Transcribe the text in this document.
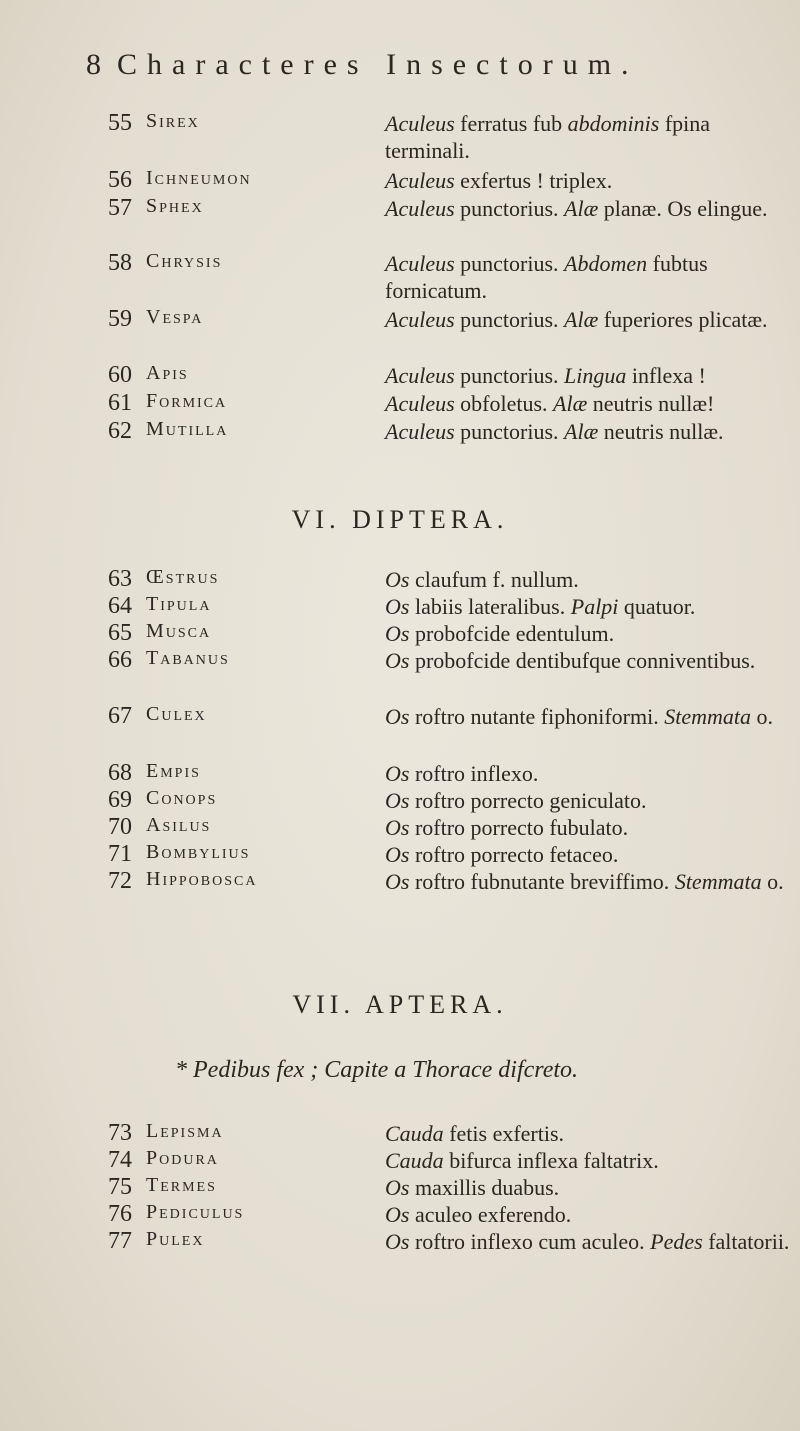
8 Characteres Insectorum.
55 Sirex	Aculeus ferratus fub abdominis fpina terminali.
56 Ichneumon	Aculeus exfertus ! triplex.
57 Sphex	Aculeus punctorius. Alæ planæ. Os elingue.
58 Chrysis	Aculeus punctorius. Abdomen fubtus fornicatum.
59 Vespa	Aculeus punctorius. Alæ fuperiores plicatæ.
60 Apis	Aculeus punctorius. Lingua inflexa !
61 Formica	Aculeus obfoletus. Alæ neutris nullæ!
62 Mutilla	Aculeus punctorius. Alæ neutris nullæ.
VI. DIPTERA.
63 Œstrus	Os claufum f. nullum.
64 Tipula	Os labiis lateralibus. Palpi quatuor.
65 Musca	Os probofcide edentulum.
66 Tabanus	Os probofcide dentibufque conniventibus.
67 Culex	Os roftro nutante fiphoniformi. Stemmata o.
68 Empis	Os roftro inflexo.
69 Conops	Os roftro porrecto geniculato.
70 Asilus	Os roftro porrecto fubulato.
71 Bombylius	Os roftro porrecto fetaceo.
72 Hippobosca	Os roftro fubnutante breviffimo. Stemmata o.
VII. APTERA.
* Pedibus fex ; Capite a Thorace difcreto.
73 Lepisma	Cauda fetis exfertis.
74 Podura	Cauda bifurca inflexa faltatrix.
75 Termes	Os maxillis duabus.
76 Pediculus	Os aculeo exferendo.
77 Pulex	Os roftro inflexo cum aculeo. Pedes faltatorii.
